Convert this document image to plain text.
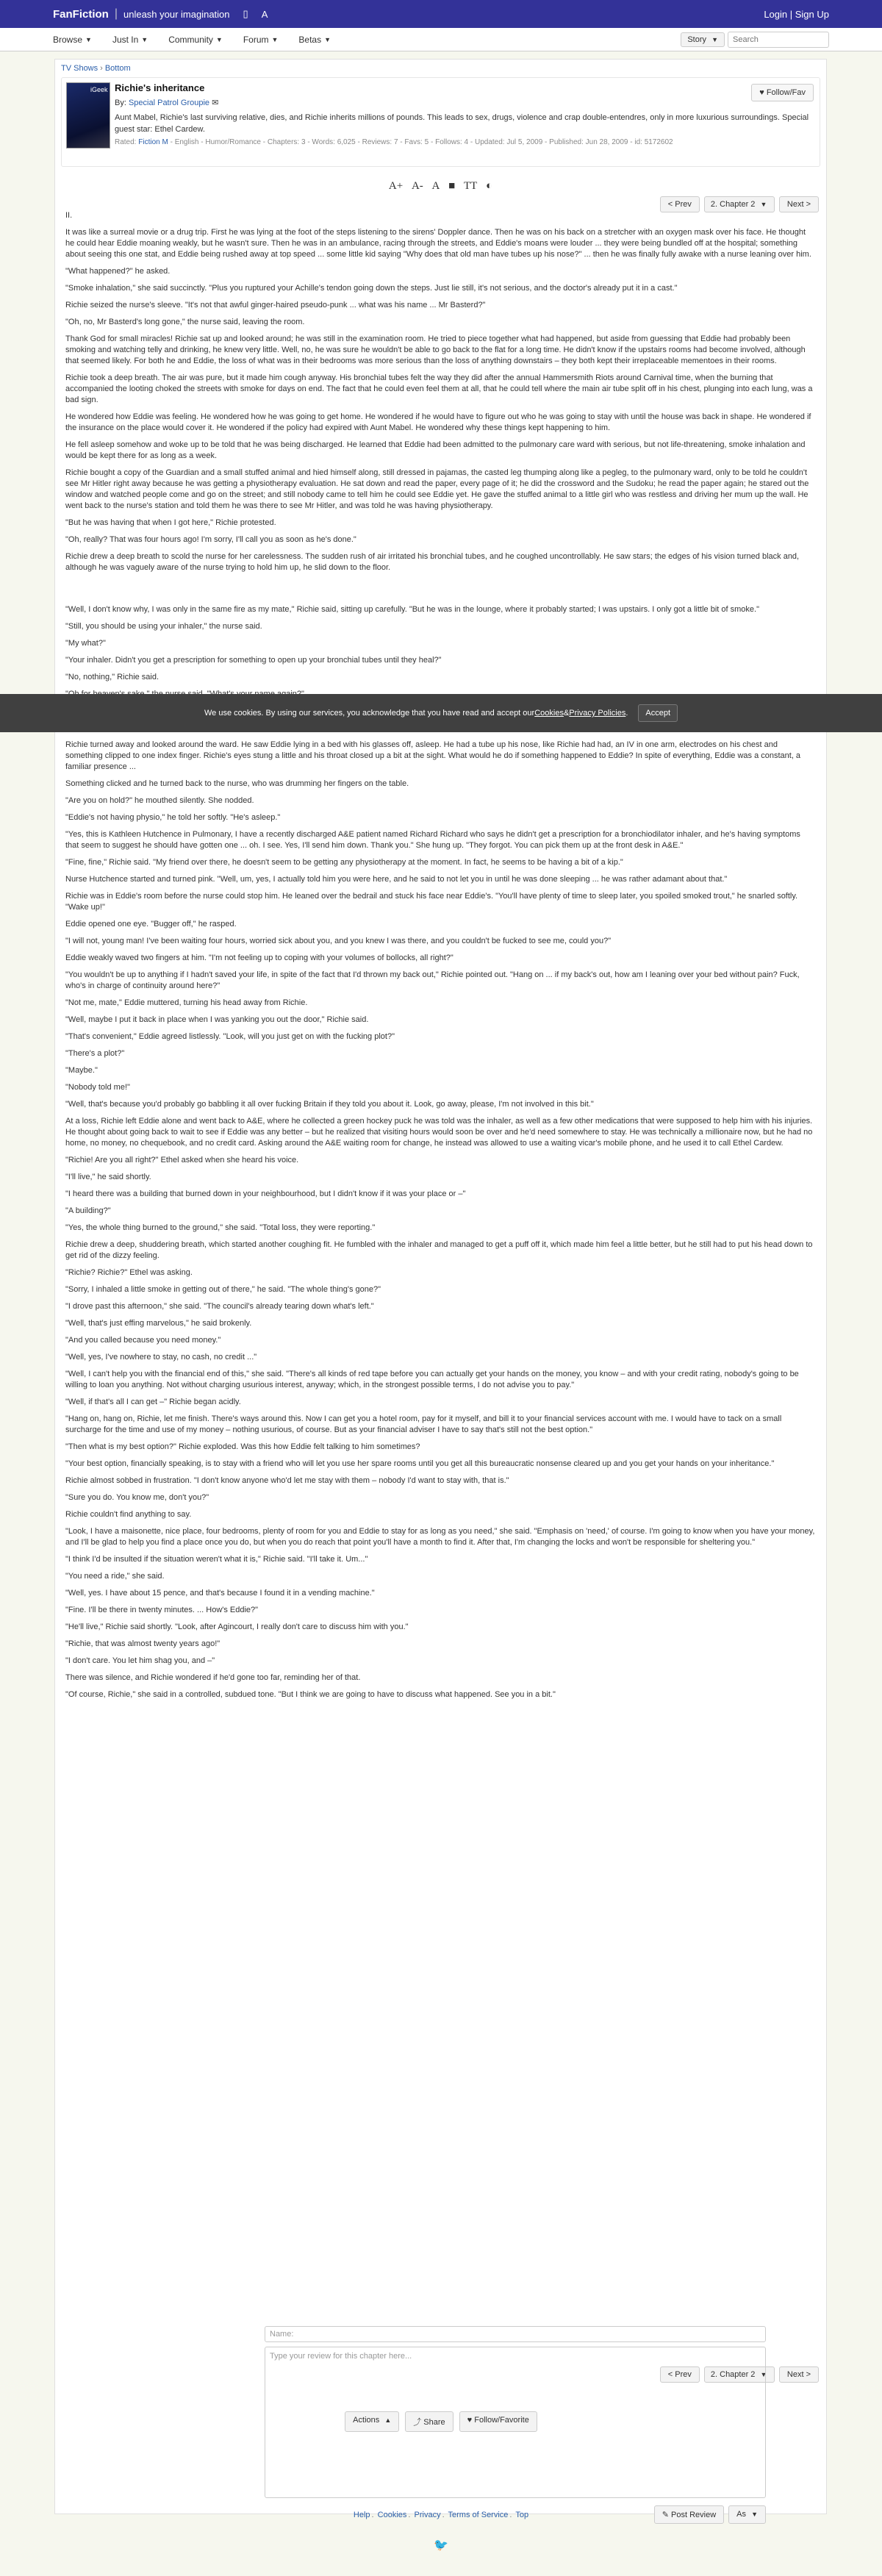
FanFiction | unleash your imagination ▯ A	Login | Sign Up
Browse ▼ Just In ▼ Community ▼ Forum ▼ Betas ▼	Story ▼
Search
TV Shows › Bottom
iGeek Richie's inheritance
By: Special Patrol Groupie ✉
Aunt Mabel, Richie's last surviving relative, dies, and Richie inherits millions of pounds. This leads to sex, drugs, violence and crap double-entendres, only in more luxurious surroundings. Special guest star: Ethel Cardew.
Rated: Fiction M - English - Humor/Romance - Chapters: 3 - Words: 6,025 - Reviews: 7 - Favs: 5 - Follows: 4 - Updated: Jul 5, 2009 - Published: Jun 28, 2009 - id: 5172602
♥ Follow/Fav
A+ A- A ■ TT ◐
< Prev	2. Chapter 2 ▼	Next >
II.

It was like a surreal movie or a drug trip. First he was lying at the foot of the steps listening to the sirens' Doppler dance. Then he was on his back on a stretcher with an oxygen mask over his face. He thought he could hear Eddie moaning weakly, but he wasn't sure. Then he was in an ambulance, racing through the streets, and Eddie's moans were louder ... they were being bundled off at the hospital; something about seeing this one stat, and Eddie being rushed away at top speed ... some little kid saying "Why does that old man have tubes up his nose?" ... then he was finally fully awake with a nurse leaning over him.

"What happened?" he asked.

"Smoke inhalation," she said succinctly. "Plus you ruptured your Achille's tendon going down the steps. Just lie still, it's not serious, and the doctor's already put it in a cast."

Richie seized the nurse's sleeve. "It's not that awful ginger-haired pseudo-punk ... what was his name ... Mr Basterd?"

"Oh, no, Mr Basterd's long gone," the nurse said, leaving the room.

Thank God for small miracles! Richie sat up and looked around; he was still in the examination room. He tried to piece together what had happened, but aside from guessing that Eddie had probably been smoking and watching telly and drinking, he knew very little. Well, no, he was sure he wouldn't be able to go back to the flat for a long time. He didn't know if the upstairs rooms had become involved, although that seemed likely. For both he and Eddie, the loss of what was in their bedrooms was more serious than the loss of anything downstairs – they both kept their irreplaceable mementoes in their rooms.

Richie took a deep breath. The air was pure, but it made him cough anyway. His bronchial tubes felt the way they did after the annual Hammersmith Riots around Carnival time, when the burning that accompanied the looting choked the streets with smoke for days on end. The fact that he could even feel them at all, that he could tell where the main air tube split off in his chest, plunging into each lung, was a bad sign.

He wondered how Eddie was feeling. He wondered how he was going to get home. He wondered if he would have to figure out who he was going to stay with until the house was back in shape. He wondered if the insurance on the place would cover it. He wondered if the policy had expired with Aunt Mabel. He wondered why these things kept happening to him.

He fell asleep somehow and woke up to be told that he was being discharged. He learned that Eddie had been admitted to the pulmonary care ward with serious, but not life-threatening, smoke inhalation and would be kept there for as long as a week.

Richie bought a copy of the Guardian and a small stuffed animal and hied himself along, still dressed in pajamas, the casted leg thumping along like a pegleg, to the pulmonary ward, only to be told he couldn't see Mr Hitler right away because he was getting a physiotherapy evaluation. He sat down and read the paper, every page of it; he did the crossword and the Sudoku; he read the paper again; he stared out the window and watched people come and go on the street; and still nobody came to tell him he could see Eddie yet. He gave the stuffed animal to a little girl who was restless and driving her mum up the wall. He went back to the nurse's station and told them he was there to see Mr Hitler, and was told he was having physiotherapy.

"But he was having that when I got here," Richie protested.

"Oh, really? That was four hours ago! I'm sorry, I'll call you as soon as he's done."

Richie drew a deep breath to scold the nurse for her carelessness. The sudden rush of air irritated his bronchial tubes, and he coughed uncontrollably. He saw stars; the edges of his vision turned black and, although he was vaguely aware of the nurse trying to hold him up, he slid down to the floor.

"Well, I don't know why, I was only in the same fire as my mate," Richie said, sitting up carefully. "But he was in the lounge, where it probably started; I was upstairs. I only got a little bit of smoke."

"Still, you should be using your inhaler," the nurse said.

"My what?"

"Your inhaler. Didn't you get a prescription for something to open up your bronchial tubes until they heal?"

"No, nothing," Richie said.

Richie turned away and looked around the ward. He saw Eddie lying in a bed with his glasses off, asleep. He had a tube up his nose, like Richie had had, an IV in one arm, electrodes on his chest and something clipped to one index finger. Richie's eyes stung a little and his throat closed up a bit at the sight. What would he do if something happened to Eddie? In spite of everything, Eddie was a constant, a familiar presence ...

Something clicked and he turned back to the nurse, who was drumming her fingers on the table.

"Are you on hold?" he mouthed silently. She nodded.

"Eddie's not having physio," he told her softly. "He's asleep."

"Yes, this is Kathleen Hutchence in Pulmonary, I have a recently discharged A&E patient named Richard Richard who says he didn't get a prescription for a bronchiodilator inhaler, and he's having symptoms that seem to suggest he should have gotten one ... oh. I see. Yes, I'll send him down. Thank you." She hung up. "They forgot. You can pick them up at the front desk in A&E."

"Fine, fine," Richie said. "My friend over there, he doesn't seem to be getting any physiotherapy at the moment. In fact, he seems to be having a bit of a kip."

Nurse Hutchence started and turned pink. "Well, um, yes, I actually told him you were here, and he said to not let you in until he was done sleeping ... he was rather adamant about that."

Richie was in Eddie's room before the nurse could stop him. He leaned over the bedrail and stuck his face near Eddie's. "You'll have plenty of time to sleep later, you spoiled smoked trout," he snarled softly. "Wake up!"

Eddie opened one eye. "Bugger off," he rasped.

"I will not, young man! I've been waiting four hours, worried sick about you, and you knew I was there, and you couldn't be fucked to see me, could you?"

Eddie weakly waved two fingers at him. "I'm not feeling up to coping with your volumes of bollocks, all right?"

"You wouldn't be up to anything if I hadn't saved your life, in spite of the fact that I'd thrown my back out," Richie pointed out. "Hang on ... if my back's out, how am I leaning over your bed without pain? Fuck, who's in charge of continuity around here?"

"Not me, mate," Eddie muttered, turning his head away from Richie.

"Well, maybe I put it back in place when I was yanking you out the door," Richie said.

"That's convenient," Eddie agreed listlessly. "Look, will you just get on with the fucking plot?"

"There's a plot?"

"Maybe."

"Nobody told me!"

"Well, that's because you'd probably go babbling it all over fucking Britain if they told you about it. Look, go away, please, I'm not involved in this bit."

At a loss, Richie left Eddie alone and went back to A&E, where he collected a green hockey puck he was told was the inhaler, as well as a few other medications that were supposed to help him with his injuries. He thought about going back to wait to see if Eddie was any better – but he realized that visiting hours would soon be over and he'd need somewhere to stay. He was technically a millionaire now, but he had no home, no money, no chequebook, and no credit card. Asking around the A&E waiting room for change, he instead was allowed to use a waiting vicar's mobile phone, and he used it to call Ethel Cardew.

"Richie! Are you all right?" Ethel asked when she heard his voice.

"I'll live," he said shortly.

"I heard there was a building that burned down in your neighbourhood, but I didn't know if it was your place or –"

"A building?"

"Yes, the whole thing burned to the ground," she said. "Total loss, they were reporting."

Richie drew a deep, shuddering breath, which started another coughing fit. He fumbled with the inhaler and managed to get a puff off it, which made him feel a little better, but he still had to put his head down to get rid of the dizzy feeling.

"Richie? Richie?" Ethel was asking.

"Sorry, I inhaled a little smoke in getting out of there," he said. "The whole thing's gone?"

"I drove past this afternoon," she said. "The council's already tearing down what's left."

"Well, that's just effing marvelous," he said brokenly.

"And you called because you need money."

"Well, yes, I've nowhere to stay, no cash, no credit ..."

"Well, I can't help you with the financial end of this," she said. "There's all kinds of red tape before you can actually get your hands on the money, you know – and with your credit rating, nobody's going to be willing to loan you anything. Not without charging usurious interest, anyway; which, in the strongest possible terms, I do not advise you to pay."

"Well, if that's all I can get –" Richie began acidly.

"Hang on, hang on, Richie, let me finish. There's ways around this. Now I can get you a hotel room, pay for it myself, and bill it to your financial services account with me. I would have to tack on a small surcharge for the time and use of my money – nothing usurious, of course. But as your financial adviser I have to say that's still not the best option."

"Then what is my best option?" Richie exploded. Was this how Eddie felt talking to him sometimes?

"Your best option, financially speaking, is to stay with a friend who will let you use her spare rooms until you get all this bureaucratic nonsense cleared up and you get your hands on your inheritance."

Richie almost sobbed in frustration. "I don't know anyone who'd let me stay with them – nobody I'd want to stay with, that is."

"Sure you do. You know me, don't you?"

Richie couldn't find anything to say.

"Look, I have a maisonette, nice place, four bedrooms, plenty of room for you and Eddie to stay for as long as you need," she said. "Emphasis on 'need,' of course. I'm going to know when you have your money, and I'll be glad to help you find a place once you do, but when you do reach that point you'll have a month to find it. After that, I'm changing the locks and won't be responsible for sheltering you."

"I think I'd be insulted if the situation weren't what it is," Richie said. "I'll take it. Um..."

"You need a ride," she said.

"Well, yes. I have about 15 pence, and that's because I found it in a vending machine."

"Fine. I'll be there in twenty minutes. ... How's Eddie?"

"He'll live," Richie said shortly. "Look, after Agincourt, I really don't care to discuss him with you."

"Richie, that was almost twenty years ago!"

"I don't care. You let him shag you, and –"

There was silence, and Richie wondered if he'd gone too far, reminding her of that.

"Of course, Richie," she said in a controlled, subdued tone. "But I think we are going to have to discuss what happened. See you in a bit."

< Prev	2. Chapter 2 ▼	Next >
Name:
Type your review for this chapter here...
✎ Post Review	As ▼
Actions ▲	⤴ Share	♥ Follow/Favorite
Help . Cookies . Privacy . Terms of Service . Top
🐦
We use cookies. By using our services, you acknowledge that you have read and accept our Cookies & Privacy Policies .	Accept
